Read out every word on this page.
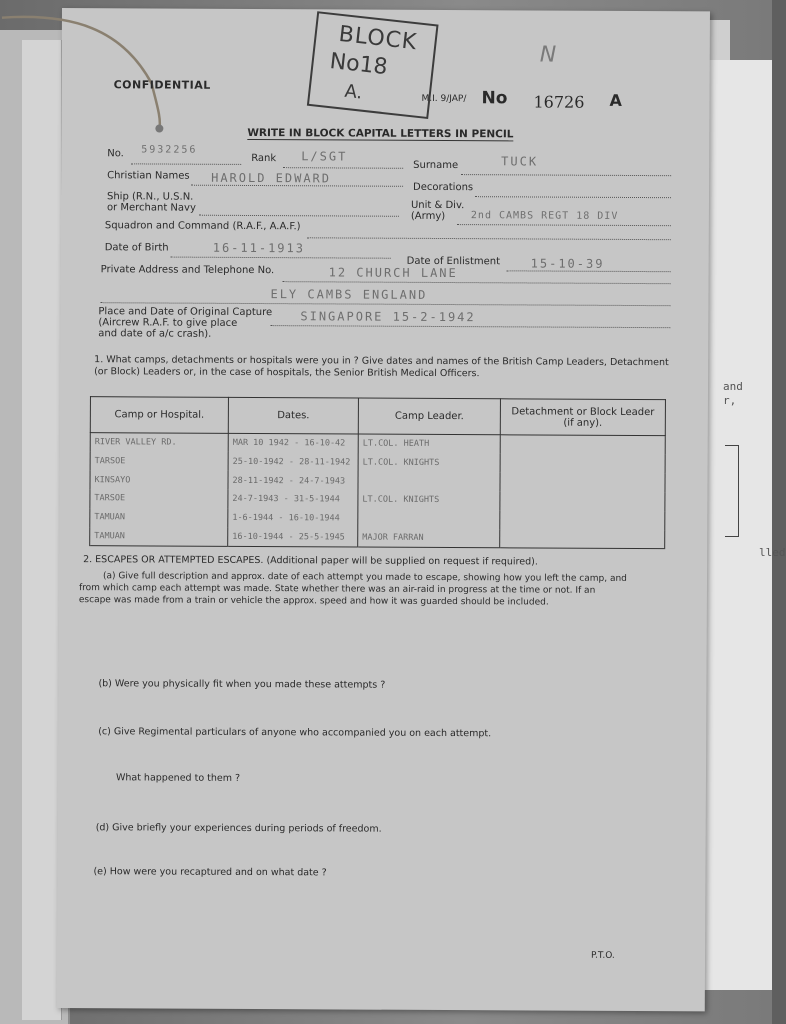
and
r,
lled
CONFIDENTIAL
BLOCK
No18
A.
N
M.I. 9/JAP/ No 16726 A
WRITE IN BLOCK CAPITAL LETTERS IN PENCIL
No. 5932256
Rank L/SGT
Surname	TUCK
Christian Names HAROLD EDWARD
Decorations
Ship (R.N., U.S.N.
or Merchant Navy	Unit & Div.
(Army)	2nd CAMBS REGT 18 DIV
Squadron and Command (R.A.F., A.A.F.)
Date of Birth	16-11-1913
Date of Enlistment	15-10-39
Private Address and Telephone No.	12 CHURCH LANE
ELY CAMBS ENGLAND
Place and Date of Original Capture
(Aircrew R.A.F. to give place
and date of a/c crash).
SINGAPORE 15-2-1942
1. What camps, detachments or hospitals were you in ? Give dates and names of the British Camp Leaders, Detachment
(or Block) Leaders or, in the case of hospitals, the Senior British Medical Officers.
Camp or Hospital.	Dates.	Camp Leader.	Detachment or Block Leader (if any).
RIVER VALLEY RD.	MAR 10 1942 - 16-10-42	LT.COL. HEATH	
TARSOE	25-10-1942 - 28-11-1942	LT.COL. KNIGHTS	
KINSAYO	28-11-1942 - 24-7-1943		
TARSOE	24-7-1943 - 31-5-1944	LT.COL. KNIGHTS	
TAMUAN	1-6-1944 - 16-10-1944		
TAMUAN	16-10-1944 - 25-5-1945	MAJOR FARRAN	
2. ESCAPES OR ATTEMPTED ESCAPES. (Additional paper will be supplied on request if required).
(a) Give full description and approx. date of each attempt you made to escape, showing how you left the camp, and
from which camp each attempt was made. State whether there was an air-raid in progress at the time or not. If an
escape was made from a train or vehicle the approx. speed and how it was guarded should be included.
(b) Were you physically fit when you made these attempts ?
(c) Give Regimental particulars of anyone who accompanied you on each attempt.
What happened to them ?
(d) Give briefly your experiences during periods of freedom.
(e) How were you recaptured and on what date ?
P.T.O.
